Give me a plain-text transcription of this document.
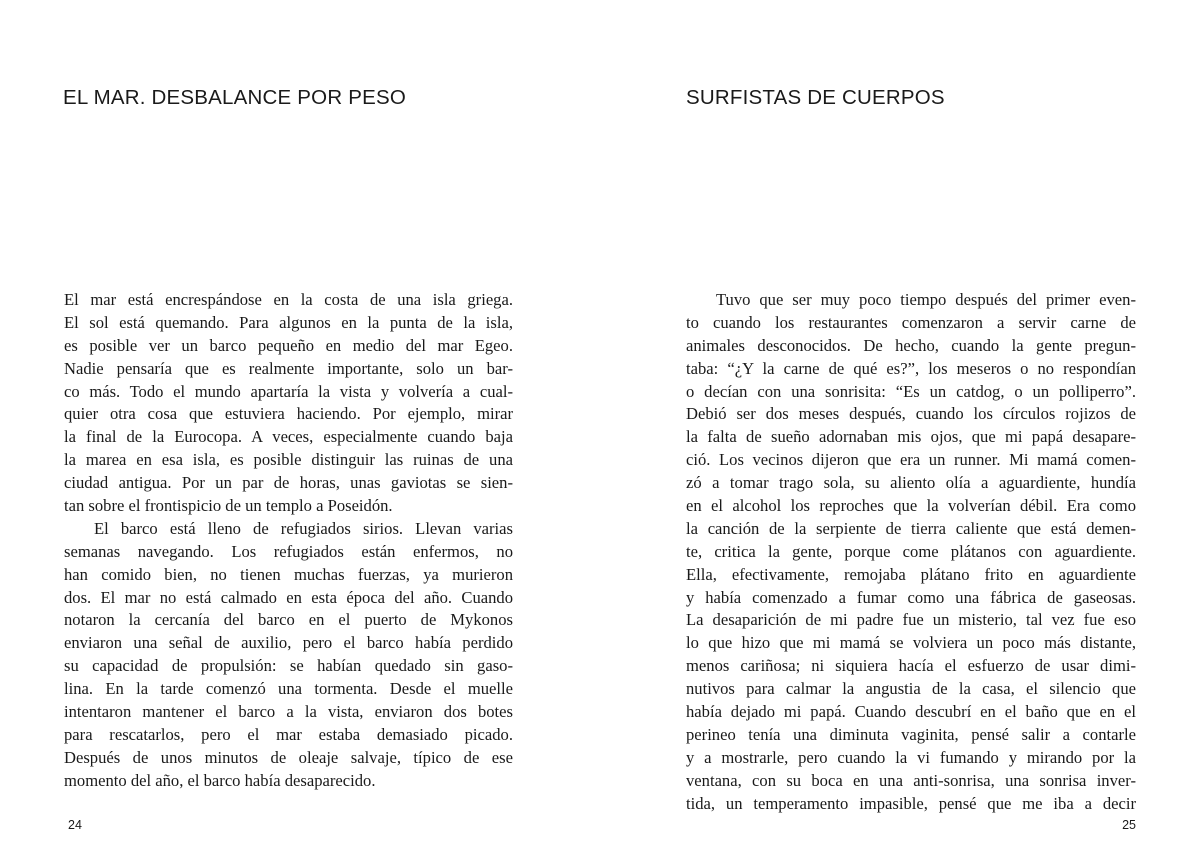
EL MAR. DESBALANCE POR PESO
El mar está encrespándose en la costa de una isla griega.
El sol está quemando. Para algunos en la punta de la isla,
es posible ver un barco pequeño en medio del mar Egeo.
Nadie pensaría que es realmente importante, solo un bar-
co más. Todo el mundo apartaría la vista y volvería a cual-
quier otra cosa que estuviera haciendo. Por ejemplo, mirar
la final de la Eurocopa. A veces, especialmente cuando baja
la marea en esa isla, es posible distinguir las ruinas de una
ciudad antigua. Por un par de horas, unas gaviotas se sien-
tan sobre el frontispicio de un templo a Poseidón.
El barco está lleno de refugiados sirios. Llevan varias
semanas navegando. Los refugiados están enfermos, no
han comido bien, no tienen muchas fuerzas, ya murieron
dos. El mar no está calmado en esta época del año. Cuando
notaron la cercanía del barco en el puerto de Mykonos
enviaron una señal de auxilio, pero el barco había perdido
su capacidad de propulsión: se habían quedado sin gaso-
lina. En la tarde comenzó una tormenta. Desde el muelle
intentaron mantener el barco a la vista, enviaron dos botes
para rescatarlos, pero el mar estaba demasiado picado.
Después de unos minutos de oleaje salvaje, típico de ese
momento del año, el barco había desaparecido.
24
SURFISTAS DE CUERPOS
Tuvo que ser muy poco tiempo después del primer even-
to cuando los restaurantes comenzaron a servir carne de
animales desconocidos. De hecho, cuando la gente pregun-
taba: “¿Y la carne de qué es?”, los meseros o no respondían
o decían con una sonrisita: “Es un catdog, o un polliperro”.
Debió ser dos meses después, cuando los círculos rojizos de
la falta de sueño adornaban mis ojos, que mi papá desapare-
ció. Los vecinos dijeron que era un runner. Mi mamá comen-
zó a tomar trago sola, su aliento olía a aguardiente, hundía
en el alcohol los reproches que la volverían débil. Era como
la canción de la serpiente de tierra caliente que está demen-
te, critica la gente, porque come plátanos con aguardiente.
Ella, efectivamente, remojaba plátano frito en aguardiente
y había comenzado a fumar como una fábrica de gaseosas.
La desaparición de mi padre fue un misterio, tal vez fue eso
lo que hizo que mi mamá se volviera un poco más distante,
menos cariñosa; ni siquiera hacía el esfuerzo de usar dimi-
nutivos para calmar la angustia de la casa, el silencio que
había dejado mi papá. Cuando descubrí en el baño que en el
perineo tenía una diminuta vaginita, pensé salir a contarle
y a mostrarle, pero cuando la vi fumando y mirando por la
ventana, con su boca en una anti-sonrisa, una sonrisa inver-
tida, un temperamento impasible, pensé que me iba a decir
25
